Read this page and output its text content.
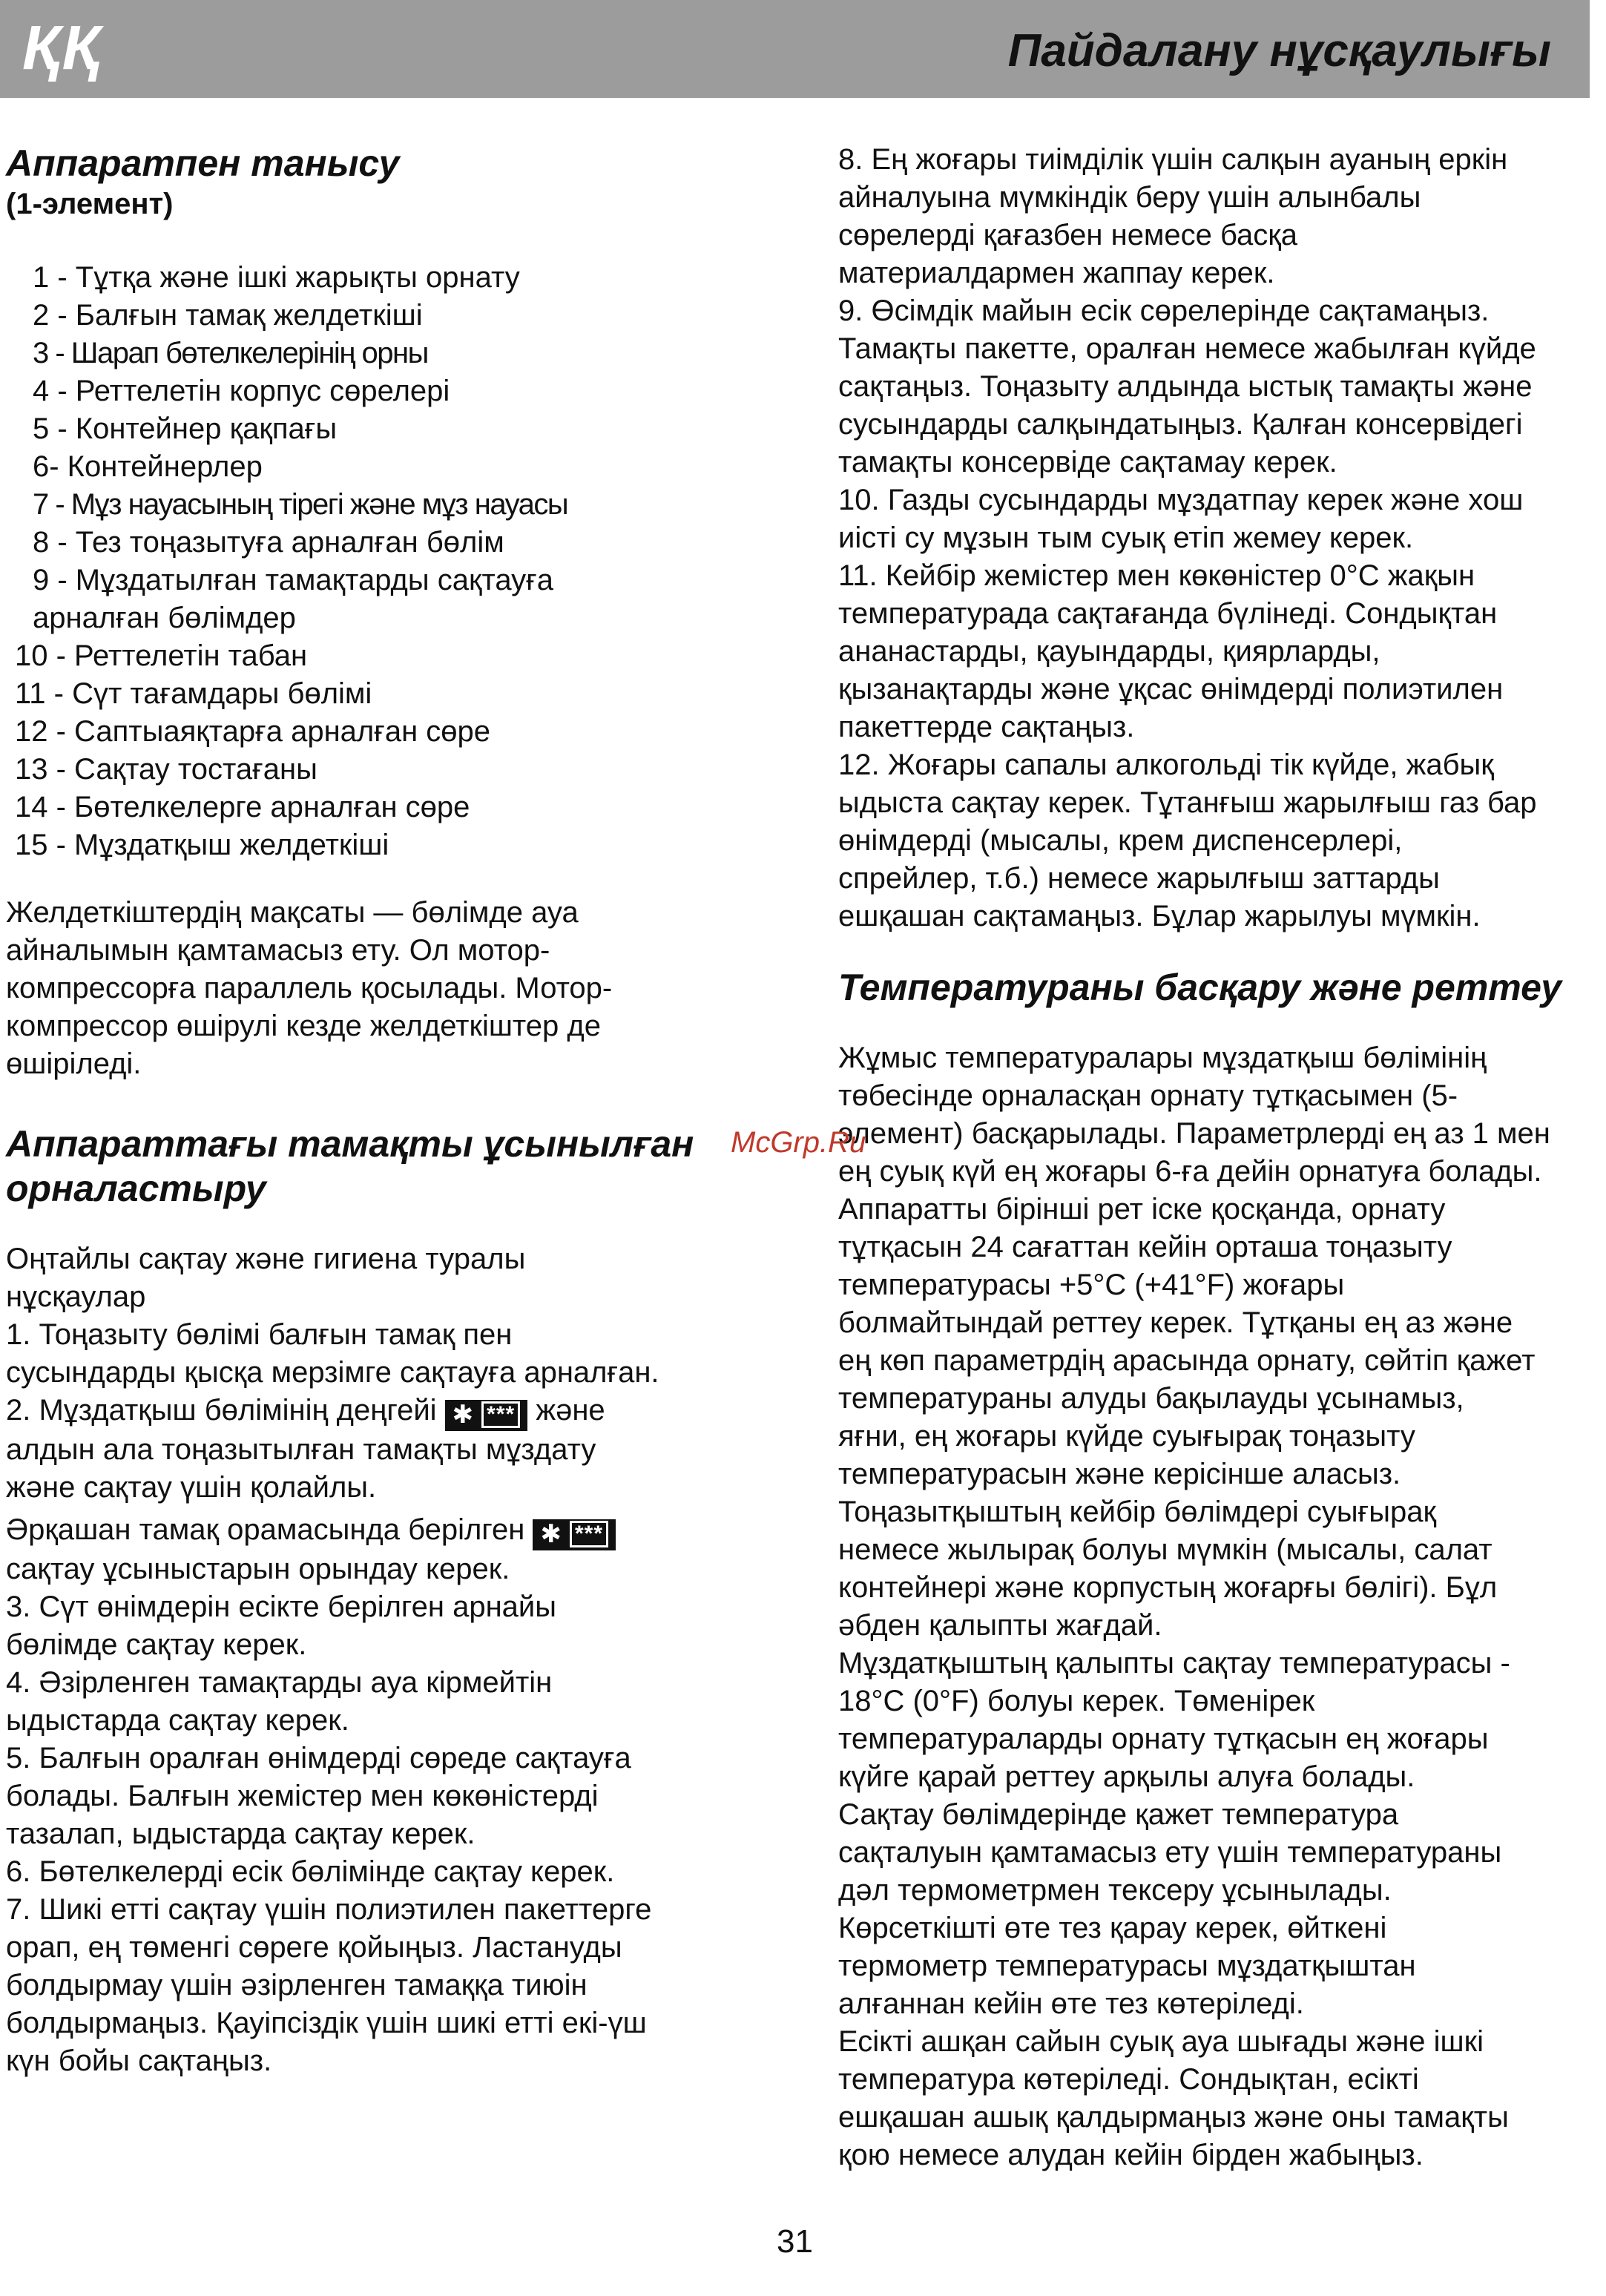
ҚҚ	Пайдалану нұсқаулығы
Аппаратпен танысу
(1-элемент)
1 - Тұтқа және ішкі жарықты орнату
2 - Балғын тамақ желдеткіші
3 - Шарап бөтелкелерінің орны
4 - Реттелетін корпус сөрелері
5 - Контейнер қақпағы
6- Контейнерлер
7 - Мұз науасының тірегі және мұз науасы
8 - Тез тоңазытуға арналған бөлім
9 - Мұздатылған тамақтарды сақтауға
арналған бөлімдер
10 - Реттелетін табан
11 - Сүт тағамдары бөлімі
12 - Саптыаяқтарға арналған сөре
13 - Сақтау тостағаны
14 - Бөтелкелерге арналған сөре
15 - Мұздатқыш желдеткіші
Желдеткіштердің мақсаты — бөлімде ауа
айналымын қамтамасыз ету. Ол мотор-
компрессорға параллель қосылады. Мотор-
компрессор өшірулі кезде желдеткіштер де
өшіріледі.
Аппараттағы тамақты ұсынылған
орналастыру
Оңтайлы сақтау және гигиена туралы
нұсқаулар
1. Тоңазыту бөлімі балғын тамақ пен
сусындарды қысқа мерзімге сақтауға арналған.
2. Мұздатқыш бөлімінің деңгейі ✱ *** және
алдын ала тоңазытылған тамақты мұздату
және сақтау үшін қолайлы.
Әрқашан тамақ орамасында берілген ✱ ***
сақтау ұсыныстарын орындау керек.
3. Сүт өнімдерін есікте берілген арнайы
бөлімде сақтау керек.
4. Әзірленген тамақтарды ауа кірмейтін
ыдыстарда сақтау керек.
5. Балғын оралған өнімдерді сөреде сақтауға
болады. Балғын жемістер мен көкөністерді
тазалап, ыдыстарда сақтау керек.
6. Бөтелкелерді есік бөлімінде сақтау керек.
7. Шикі етті сақтау үшін полиэтилен пакеттерге
орап, ең төменгі сөреге қойыңыз. Ластануды
болдырмау үшін әзірленген тамаққа тиюін
болдырмаңыз. Қауіпсіздік үшін шикі етті екі-үш
күн бойы сақтаңыз.
8. Ең жоғары тиімділік үшін салқын ауаның еркін
айналуына мүмкіндік беру үшін алынбалы
сөрелерді қағазбен немесе басқа
материалдармен жаппау керек.
9. Өсімдік майын есік сөрелерінде сақтамаңыз.
Тамақты пакетте, оралған немесе жабылған күйде
сақтаңыз. Тоңазыту алдында ыстық тамақты және
сусындарды салқындатыңыз. Қалған консервідегі
тамақты консервіде сақтамау керек.
10. Газды сусындарды мұздатпау керек және хош
иісті су мұзын тым суық етіп жемеу керек.
11. Кейбір жемістер мен көкөністер 0°C жақын
температурада сақтағанда бүлінеді. Сондықтан
ананастарды, қауындарды, қиярларды,
қызанақтарды және ұқсас өнімдерді полиэтилен
пакеттерде сақтаңыз.
12. Жоғары сапалы алкогольді тік күйде, жабық
ыдыста сақтау керек. Тұтанғыш жарылғыш газ бар
өнімдерді (мысалы, крем диспенсерлері,
спрейлер, т.б.) немесе жарылғыш заттарды
ешқашан сақтамаңыз. Бұлар жарылуы мүмкін.
Температураны басқару және реттеу
Жұмыс температуралары мұздатқыш бөлімінің
төбесінде орналасқан орнату тұтқасымен (5-
элемент) басқарылады. Параметрлерді ең аз 1 мен
ең суық күй ең жоғары 6-ға дейін орнатуға болады.
Аппаратты бірінші рет іске қосқанда, орнату
тұтқасын 24 сағаттан кейін орташа тоңазыту
температурасы +5°C (+41°F) жоғары
болмайтындай реттеу керек. Тұтқаны ең аз және
ең көп параметрдің арасында орнату, сөйтіп қажет
температураны алуды бақылауды ұсынамыз,
яғни, ең жоғары күйде суығырақ тоңазыту
температурасын және керісінше аласыз.
Тоңазытқыштың кейбір бөлімдері суығырақ
немесе жылырақ болуы мүмкін (мысалы, салат
контейнері және корпустың жоғарғы бөлігі). Бұл
әбден қалыпты жағдай.
Мұздатқыштың қалыпты сақтау температурасы -
18°C (0°F) болуы керек. Төменірек
температураларды орнату тұтқасын ең жоғары
күйге қарай реттеу арқылы алуға болады.
Сақтау бөлімдерінде қажет температура
сақталуын қамтамасыз ету үшін температураны
дәл термометрмен тексеру ұсынылады.
Көрсеткішті өте тез қарау керек, өйткені
термометр температурасы мұздатқыштан
алғаннан кейін өте тез көтеріледі.
Есікті ашқан сайын суық ауа шығады және ішкі
температура көтеріледі. Сондықтан, есікті
ешқашан ашық қалдырмаңыз және оны тамақты
қою немесе алудан кейін бірден жабыңыз.
McGrp.Ru
31
